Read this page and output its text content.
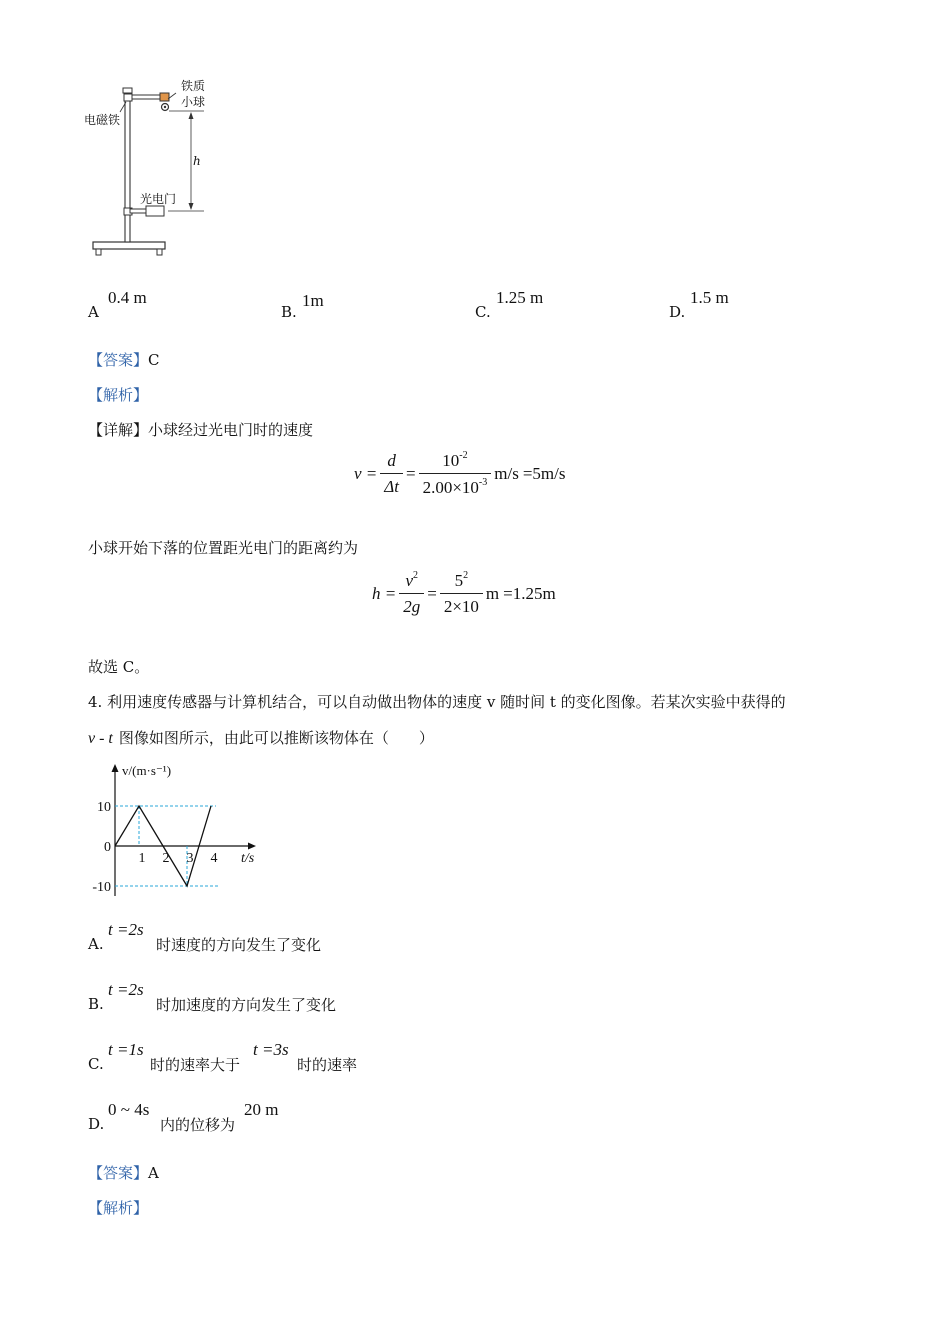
铁质
小球
电磁铁
h
光电门
A
0.4 m
B.
1m
C.
1.25 m
D.
1.5 m
【答案】C
【解析】
【详解】小球经过光电门时的速度
$v = \frac{d}{\Delta t} = \frac{10^{-2}}{2.00\times 10^{-3}} m/s =5m/s$
小球开始下落的位置距光电门的距离约为
$h = \frac{v^2}{2g} = \frac{5^2}{2\times 10}$ m =1.25m
故选 C。
4. 利用速度传感器与计算机结合，可以自动做出物体的速度 v 随时间 t 的变化图像。若某次实验中获得的
v - t 图像如图所示，由此可以推断该物体在（　　）
1 2 3 4
10
0
-10
v/(m·s⁻¹)
t/s
A.
t =2s
时速度的方向发生了变化
B.
t =2s
时加速度的方向发生了变化
C.
t =1s
时的速率大于
t =3s
时的速率
D.
0 ~ 4s
内的位移为
20 m
【答案】A
【解析】
